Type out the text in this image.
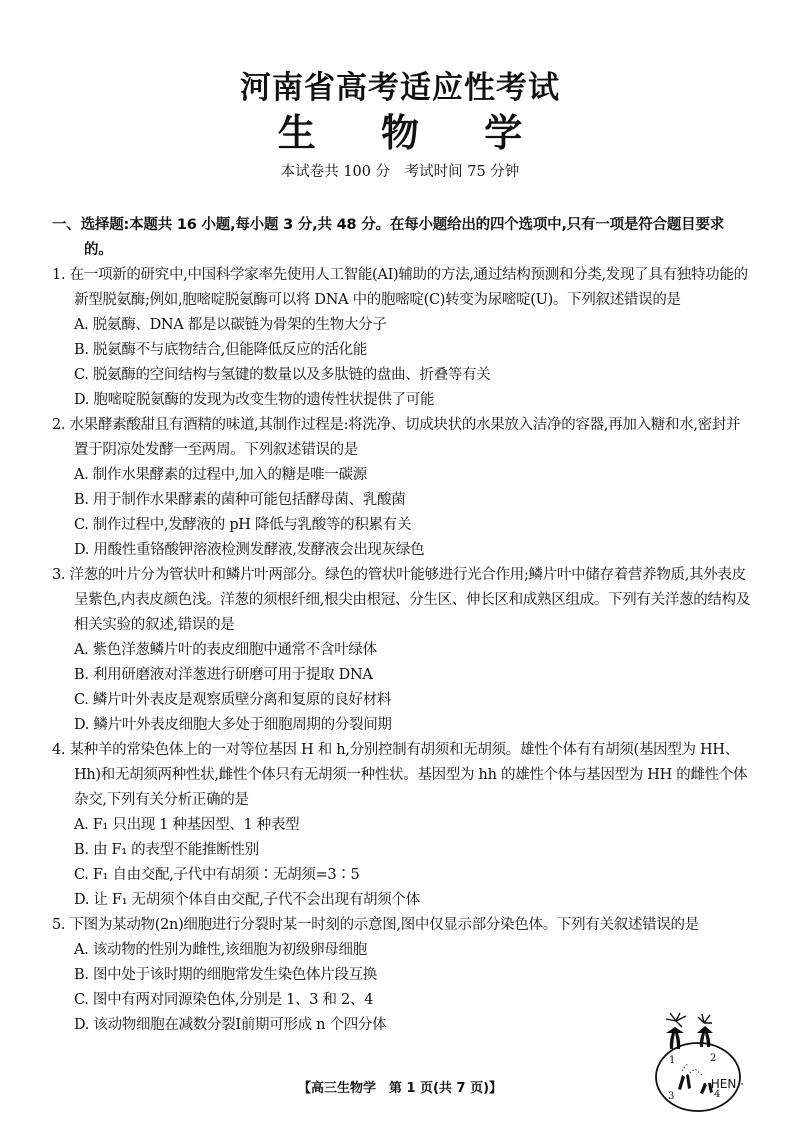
河南省高考适应性考试
生 物 学
本试卷共 100 分　考试时间 75 分钟
一、选择题:本题共 16 小题,每小题 3 分,共 48 分。在每小题给出的四个选项中,只有一项是符合题目要求的。
1. 在一项新的研究中,中国科学家率先使用人工智能(AI)辅助的方法,通过结构预测和分类,发现了具有独特功能的新型脱氨酶;例如,胞嘧啶脱氨酶可以将 DNA 中的胞嘧啶(C)转变为尿嘧啶(U)。下列叙述错误的是
A. 脱氨酶、DNA 都是以碳链为骨架的生物大分子
B. 脱氨酶不与底物结合,但能降低反应的活化能
C. 脱氨酶的空间结构与氢键的数量以及多肽链的盘曲、折叠等有关
D. 胞嘧啶脱氨酶的发现为改变生物的遗传性状提供了可能
2. 水果酵素酸甜且有酒精的味道,其制作过程是:将洗净、切成块状的水果放入洁净的容器,再加入糖和水,密封并置于阴凉处发酵一至两周。下列叙述错误的是
A. 制作水果酵素的过程中,加入的糖是唯一碳源
B. 用于制作水果酵素的菌种可能包括酵母菌、乳酸菌
C. 制作过程中,发酵液的 pH 降低与乳酸等的积累有关
D. 用酸性重铬酸钾溶液检测发酵液,发酵液会出现灰绿色
3. 洋葱的叶片分为管状叶和鳞片叶两部分。绿色的管状叶能够进行光合作用;鳞片叶中储存着营养物质,其外表皮呈紫色,内表皮颜色浅。洋葱的须根纤细,根尖由根冠、分生区、伸长区和成熟区组成。下列有关洋葱的结构及相关实验的叙述,错误的是
A. 紫色洋葱鳞片叶的表皮细胞中通常不含叶绿体
B. 利用研磨液对洋葱进行研磨可用于提取 DNA
C. 鳞片叶外表皮是观察质壁分离和复原的良好材料
D. 鳞片叶外表皮细胞大多处于细胞周期的分裂间期
4. 某种羊的常染色体上的一对等位基因 H 和 h,分别控制有胡须和无胡须。雄性个体有有胡须(基因型为 HH、Hh)和无胡须两种性状,雌性个体只有无胡须一种性状。基因型为 hh 的雄性个体与基因型为 HH 的雌性个体杂交,下列有关分析正确的是
A. F₁ 只出现 1 种基因型、1 种表型
B. 由 F₁ 的表型不能推断性别
C. F₁ 自由交配,子代中有胡须∶无胡须=3∶5
D. 让 F₁ 无胡须个体自由交配,子代不会出现有胡须个体
5. 下图为某动物(2n)细胞进行分裂时某一时刻的示意图,图中仅显示部分染色体。下列有关叙述错误的是
A. 该动物的性别为雌性,该细胞为初级卵母细胞
B. 图中处于该时期的细胞常发生染色体片段互换
C. 图中有两对同源染色体,分别是 1、3 和 2、4
D. 该动物细胞在减数分裂Ⅰ前期可形成 n 个四分体
1	2
3	4
【高三生物学　第 1 页(共 7 页)】	· HEN ·
